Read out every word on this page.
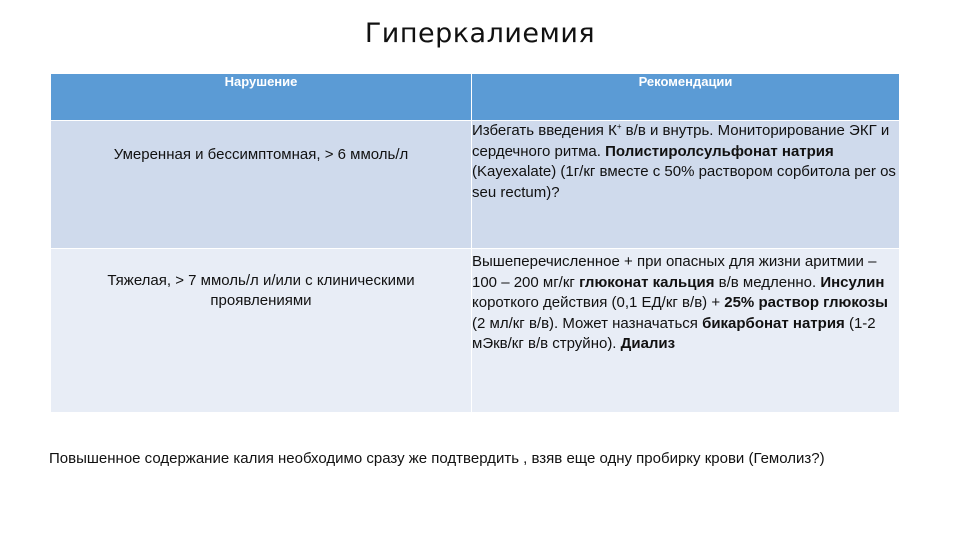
Гиперкалиемия
Нарушение	Рекомендации
Умеренная и бессимптомная, > 6 ммоль/л	Избегать введения К+ в/в и внутрь. Мониторирование ЭКГ и сердечного ритма. Полистиролсульфонат натрия (Kayexalate) (1г/кг вместе с 50% раствором сорбитола per os seu rectum)?
Тяжелая, > 7 ммоль/л и/или с клиническими проявлениями	Вышеперечисленное + при опасных для жизни аритмии – 100 – 200 мг/кг глюконат кальция в/в медленно. Инсулин короткого действия (0,1 ЕД/кг в/в) + 25% раствор глюкозы (2 мл/кг в/в). Может назначаться бикарбонат натрия (1-2 мЭкв/кг в/в струйно). Диализ
Повышенное содержание калия необходимо сразу же подтвердить , взяв еще одну пробирку крови (Гемолиз?)
